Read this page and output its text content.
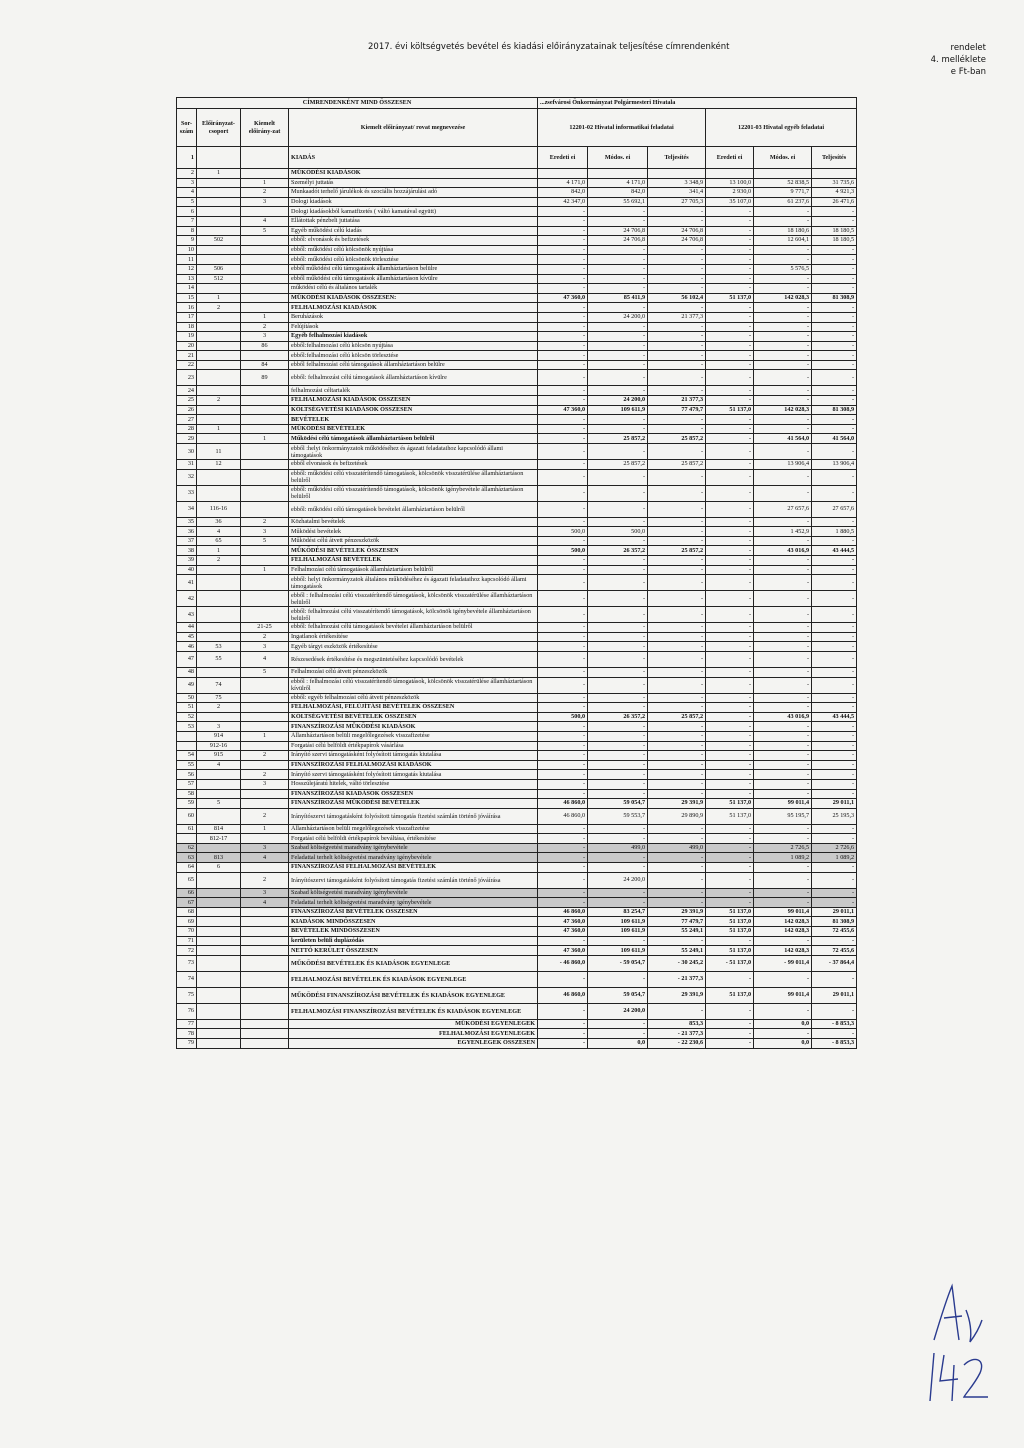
2017. évi költségvetés bevétel és kiadási előirányzatainak teljesítése címrendenként	rendelet
4. melléklete
e Ft-ban
CÍMRENDENKÉNT MIND ÖSSZESEN				...zsefvárosi Önkormányzat Polgármesteri Hivatala					
Sor-szám	Előirányzat-csoport	Kiemelt előirány-zat	Kiemelt előirányzat/ rovat megnevezése	12201-02 Hivatal informatikai feladatai			12201-03 Hivatal egyéb feladatai		
1			KIADÁS	Eredeti ei	Módos. ei	Teljesítés	Eredeti ei	Módos. ei	Teljesítés
2	1		MŰKÖDÉSI KIADÁSOK						
3		1	Személyi juttatás	4 171,0	4 171,0	3 348,9	13 100,0	52 838,5	31 735,6
4		2	Munkaadót terhelő járulékok és szociális hozzájárulási adó	842,0	842,0	341,4	2 930,0	9 771,7	4 921,3
5		3	Dologi kiadások	42 347,0	55 692,1	27 705,3	35 107,0	61 237,6	26 471,6
6			Dologi kiadásokból kamatfizetés ( váltó kamatával együtt)	-	-	-	-	-	-
7		4	Ellátottak pénzbeli juttatása	-	-	-	-	-	-
8		5	Egyéb működési célú kiadás	-	24 706,8	24 706,8	-	18 180,6	18 180,5
9	502		ebből: elvonások és befizetések	-	24 706,8	24 706,8	-	12 604,1	18 180,5
10			ebből: működési célú kölcsönök nyújtása	-	-	-	-	-	-
11			ebből: működési célú kölcsönök törlesztése	-	-	-	-	-	-
12	506		ebből működési célú támogatások államháztartáson belülre	-	-	-	-	5 576,5	-
13	512		ebből működési célú támogatások államháztartáson kívülre	-	-	-	-	-	-
14			működési célú és általános tartalék	-	-	-	-	-	-
15	1		MŰKÖDÉSI KIADÁSOK ÖSSZESEN:	47 360,0	85 411,9	56 102,4	51 137,0	142 028,3	81 308,9
16	2		FELHALMOZÁSI KIADÁSOK	-	-	-	-	-	-
17		1	Beruházások	-	24 200,0	21 377,3	-	-	-
18		2	Felújítások	-	-	-	-	-	-
19		3	Egyéb felhalmozási kiadások	-	-	-	-	-	-
20		86	ebből:felhalmozási célú kölcsön nyújtása	-	-	-	-	-	-
21			ebből:felhalmozási célú kölcsön törlesztése	-	-	-	-	-	-
22		84	ebből felhalmozási célú támogatások államháztartáson belülre	-	-	-	-	-	-
23		89	ebből: felhalmozási célú támogatások államháztartáson kívülre	-	-	-	-	-	-
24			felhalmozási céltartalék	-	-	-	-	-	-
25	2		FELHALMOZÁSI KIADÁSOK ÖSSZESEN	-	24 200,0	21 377,3	-	-	-
26			KÖLTSÉGVETÉSI KIADÁSOK ÖSSZESEN	47 360,0	109 611,9	77 479,7	51 137,0	142 028,3	81 308,9
27			BEVÉTELEK	-	-	-	-	-	-
28	1		MŰKÖDÉSI BEVÉTELEK	-	-	-	-	-	-
29		1	Működési célú támogatások államháztartáson belülről	-	25 857,2	25 857,2	-	41 564,0	41 564,0
30	11		ebből :helyi önkormányzatok működéséhez és ágazati feladataihoz kapcsolódó állami támogatások	-	-	-	-	-	-
31	12		ebből elvonások és befizetések	-	25 857,2	25 857,2	-	13 906,4	13 906,4
32			ebből: működési célú visszatérítendő támogatások, kölcsönök visszatérülése államháztartáson belülről	-	-	-	-	-	-
33			ebből: működési célú visszatérítendő támogatások, kölcsönök igénybevétele államháztartáson belülről	-	-	-	-	-	-
34	116-16		ebből: működési célú támogatások bevételei államháztartáson belülről	-	-	-	-	27 657,6	27 657,6
35	36	2	Közhatalmi bevételek	-	-	-	-	-	-
36	4	3	Működési bevételek	500,0	500,0	-	-	1 452,9	1 880,5
37	65	5	Működési célú átvett pénzeszközök	-	-	-	-	-	-
38	1		MŰKÖDÉSI BEVÉTELEK ÖSSZESEN	500,0	26 357,2	25 857,2	-	43 016,9	43 444,5
39	2		FELHALMOZÁSI BEVÉTELEK	-	-	-	-	-	-
40		1	Felhalmozási célú támogatások államháztartáson belülről	-	-	-	-	-	-
41			ebből: helyi önkormányzatok általános működéséhez és ágazati feladataihoz kapcsolódó állami támogatások	-	-	-	-	-	-
42			ebből : felhalmozási célú visszatérítendő támogatások, kölcsönök visszatérülése államháztartáson belülről	-	-	-	-	-	-
43			ebből: felhalmozási célú visszatérítendő támogatások, kölcsönök igénybevétele államháztartáson belülről	-	-	-	-	-	-
44		21-25	ebből: felhalmozási célú támogatások bevételei államháztartáson belülről	-	-	-	-	-	-
45		2	Ingatlanok értékesítése	-	-	-	-	-	-
46	53	3	Egyéb tárgyi eszközök értékesítése	-	-	-	-	-	-
47	55	4	Részesedések értékesítése és megszüntetéséhez kapcsolódó bevételek	-	-	-	-	-	-
48		5	Felhalmozási célú átvett pénzeszközök	-	-	-	-	-	-
49	74		ebből : felhalmozási célú visszatérítendő támogatások, kölcsönök visszatérülése államháztartáson kívülről	-	-	-	-	-	-
50	75		ebből: egyéb felhalmozási célú átvett pénzeszközök	-	-	-	-	-	-
51	2		FELHALMOZÁSI, FELÚJÍTÁSI BEVÉTELEK ÖSSZESEN	-	-	-	-	-	-
52			KÖLTSÉGVETÉSI BEVÉTELEK ÖSSZESEN	500,0	26 357,2	25 857,2	-	43 016,9	43 444,5
53	3		FINANSZÍROZÁSI MŰKÖDÉSI KIADÁSOK	-	-	-	-	-	-
	914	1	Államháztartáson belüli megelőlegezések visszafizetése	-	-	-	-	-	-
	912-16		Forgatási célú belföldi értékpapírok vásárlása	-	-	-	-	-	-
54	915	2	Irányító szervi támogatásként folyósított támogatás kiutalása	-	-	-	-	-	-
55	4		FINANSZÍROZÁSI FELHALMOZÁSI KIADÁSOK	-	-	-	-	-	-
56		2	Irányító szervi támogatásként folyósított támogatás kiutalása	-	-	-	-	-	-
57		3	Hosszúlejáratú hitelek, váltó törlesztése	-	-	-	-	-	-
58			FINANSZÍROZÁSI KIADÁSOK ÖSSZESEN	-	-	-	-	-	-
59	5		FINANSZÍROZÁSI MŰKÖDÉSI BEVÉTELEK	46 860,0	59 054,7	29 391,9	51 137,0	99 011,4	29 011,1
60		2	Irányítószervi támogatásként folyósított támogatás fizetési számlán történő jóváírása	46 860,0	59 553,7	29 890,9	51 137,0	95 195,7	25 195,3
61	814	1	Államháztartáson belüli megelőlegezések visszafizetése	-	-	-	-	-	-
	812-17		Forgatási célú belföldi értékpapírok beváltása, értékesítése	-	-	-	-	-	-
62		3	Szabad költségvetési maradvány igénybevétele	-	499,0	499,0	-	2 726,5	2 726,6
63	813	4	Feladattal terhelt költségvetési maradvány igénybevétele	-	-	-	-	1 089,2	1 089,2
64	6		FINANSZÍROZÁSI FELHALMOZÁSI BEVÉTELEK	-	-	-	-	-	-
65		2	Irányítószervi támogatásként folyósított támogatás fizetési számlán történő jóváírása	-	24 200,0	-	-	-	-
66		3	Szabad költségvetési maradvány igénybevétele	-	-	-	-	-	-
67		4	Feladattal terhelt költségvetési maradvány igénybevétele	-	-	-	-	-	-
68			FINANSZÍROZÁSI BEVÉTELEK ÖSSZESEN	46 860,0	83 254,7	29 391,9	51 137,0	99 011,4	29 011,1
69			KIADÁSOK MINDÖSSZESEN	47 360,0	109 611,9	77 479,7	51 137,0	142 028,3	81 308,9
70			BEVÉTELEK MINDÖSSZESEN	47 360,0	109 611,9	55 249,1	51 137,0	142 028,3	72 455,6
71			kerületen belüli duplázódás	-	-	-	-	-	-
72			NETTÓ KERÜLET ÖSSZESEN	47 360,0	109 611,9	55 249,1	51 137,0	142 028,3	72 455,6
73			MŰKÖDÉSI BEVÉTELEK ÉS KIADÁSOK EGYENLEGE	- 46 860,0	- 59 054,7	- 30 245,2	- 51 137,0	- 99 011,4	- 37 864,4
74			FELHALMOZÁSI BEVÉTELEK ÉS KIADÁSOK EGYENLEGE	-	-	- 21 377,3	-	-	-
75			MŰKÖDÉSI FINANSZÍROZÁSI BEVÉTELEK ÉS KIADÁSOK EGYENLEGE	46 860,0	59 054,7	29 391,9	51 137,0	99 011,4	29 011,1
76			FELHALMOZÁSI FINANSZÍROZÁSI BEVÉTELEK ÉS KIADÁSOK EGYENLEGE	-	24 200,0	-	-	-	-
77			MŰKÖDÉSI EGYENLEGEK	-	-	853,3	-	0,0	- 8 853,3
78			FELHALMOZÁSI EGYENLEGEK	-	-	- 21 377,3	-	-	-
79			EGYENLEGEK ÖSSZESEN	-	0,0	- 22 230,6	-	0,0	- 8 853,3
